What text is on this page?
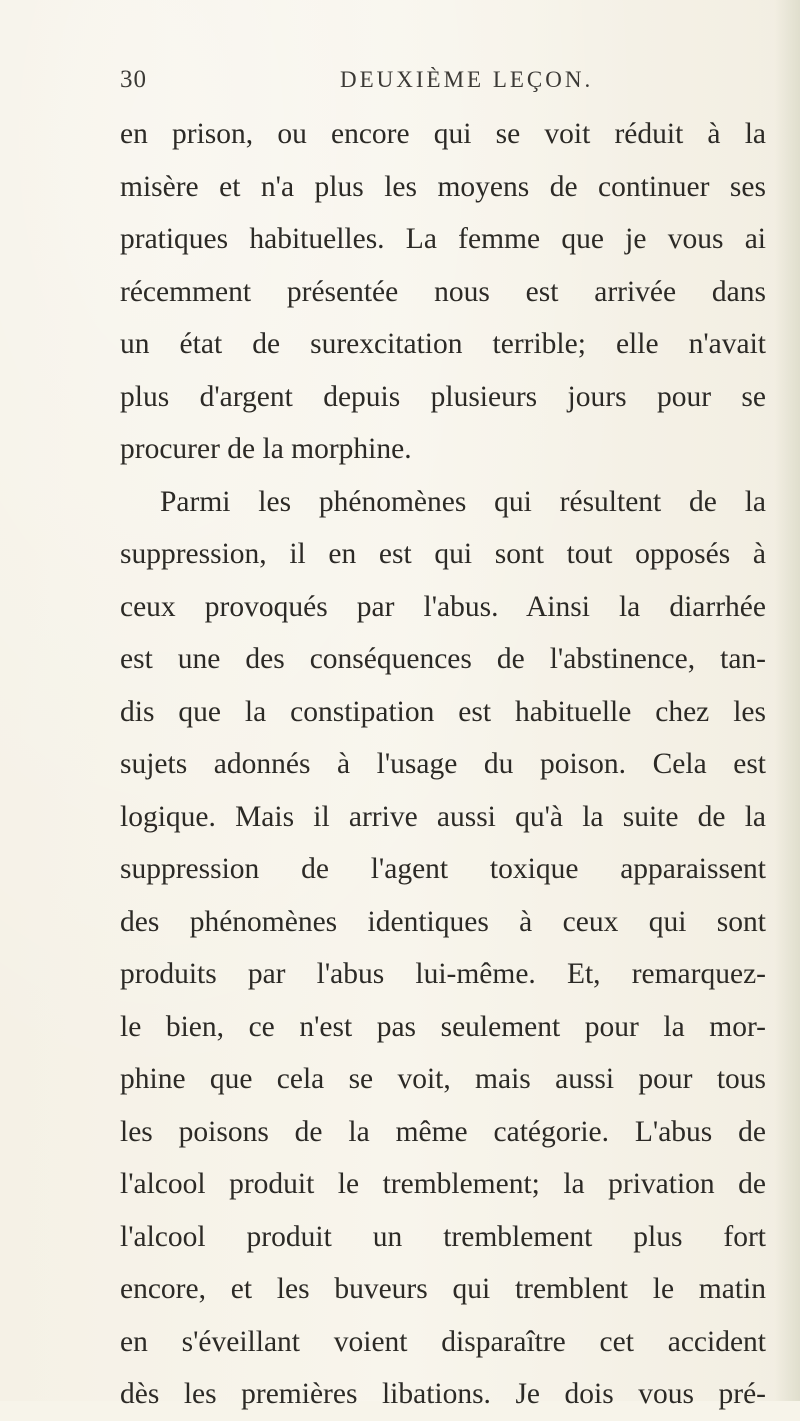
30	DEUXIÈME LEÇON.
en prison, ou encore qui se voit réduit à la
misère et n'a plus les moyens de continuer ses
pratiques habituelles. La femme que je vous ai
récemment présentée nous est arrivée dans
un état de surexcitation terrible; elle n'avait
plus d'argent depuis plusieurs jours pour se
procurer de la morphine.
Parmi les phénomènes qui résultent de la
suppression, il en est qui sont tout opposés à
ceux provoqués par l'abus. Ainsi la diarrhée
est une des conséquences de l'abstinence, tan-
dis que la constipation est habituelle chez les
sujets adonnés à l'usage du poison. Cela est
logique. Mais il arrive aussi qu'à la suite de la
suppression de l'agent toxique apparaissent
des phénomènes identiques à ceux qui sont
produits par l'abus lui-même. Et, remarquez-
le bien, ce n'est pas seulement pour la mor-
phine que cela se voit, mais aussi pour tous
les poisons de la même catégorie. L'abus de
l'alcool produit le tremblement; la privation de
l'alcool produit un tremblement plus fort
encore, et les buveurs qui tremblent le matin
en s'éveillant voient disparaître cet accident
dès les premières libations. Je dois vous pré-
